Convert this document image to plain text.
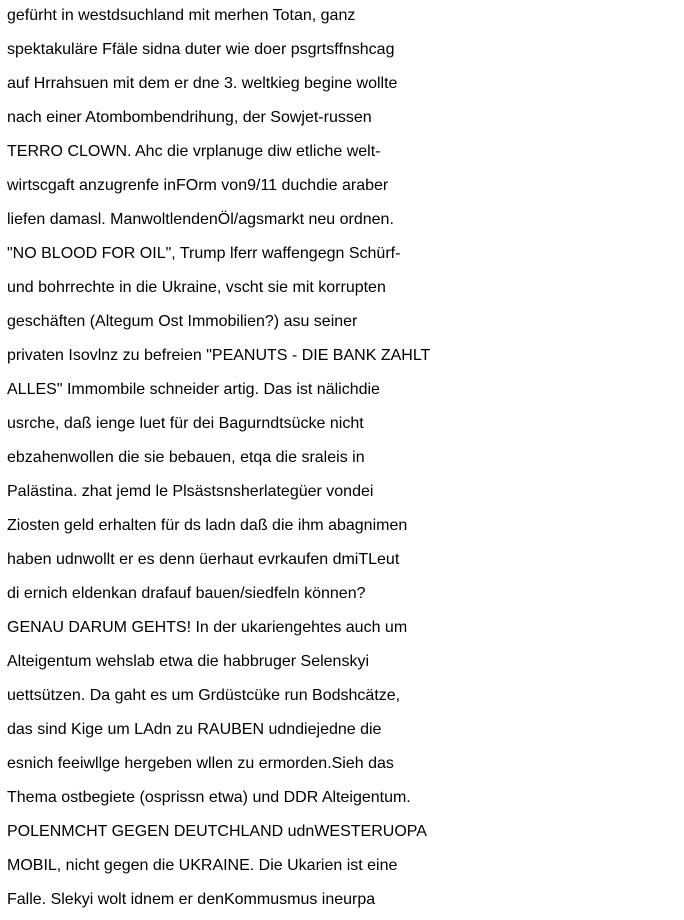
gefürht in westdsuchland mit merhen Totan, ganz
spektakuläre Ffäle sidna duter wie doer psgrtsffnshcag
auf Hrrahsuen mit dem er dne 3. weltkieg begine wollte
nach einer Atombombendrihung, der Sowjet-russen
TERRO CLOWN. Ahc die vrplanuge diw etliche welt-
wirtscgaft anzugrenfe inFOrm von9/11 duchdie araber
liefen damasl. ManwoltlendenÖl/agsmarkt neu ordnen.
"NO BLOOD FOR OIL", Trump lferr waffengegn Schürf-
und bohrrechte in die Ukraine, vscht sie mit korrupten
geschäften (Altegum Ost Immobilien?) asu seiner
privaten Isovlnz zu befreien "PEANUTS - DIE BANK ZAHLT
ALLES" Immombile schneider artig. Das ist nälichdie
usrche, daß ienge luet für dei Bagurndtsücke nicht
ebzahenwollen die sie bebauen, etqa die sraleis in
Palästina. zhat jemd le Plsästsnsherlategüer vondei
Ziosten geld erhalten für ds ladn daß die ihm abagnimen
haben udnwollt er es denn üerhaut evrkaufen dmiTLeut
di ernich eldenkan drafauf bauen/siedfeln können?
GENAU DARUM GEHTS! In der ukariengehtes auch um
Alteigentum wehslab etwa die habbruger Selenskyi
uettsützen. Da gaht es um Grdüstcüke run Bodshcätze,
das sind Kige um LAdn zu RAUBEN udndiejedne die
esnich feeiwllge hergeben wllen zu ermorden.Sieh das
Thema ostbegiete (osprissn etwa) und DDR Alteigentum.
POLENMCHT GEGEN DEUTCHLAND udnWESTERUOPA
MOBIL, nicht gegen die UKRAINE. Die Ukarien ist eine
Falle. Slekyi wolt idnem er denKommusmus ineurpa
